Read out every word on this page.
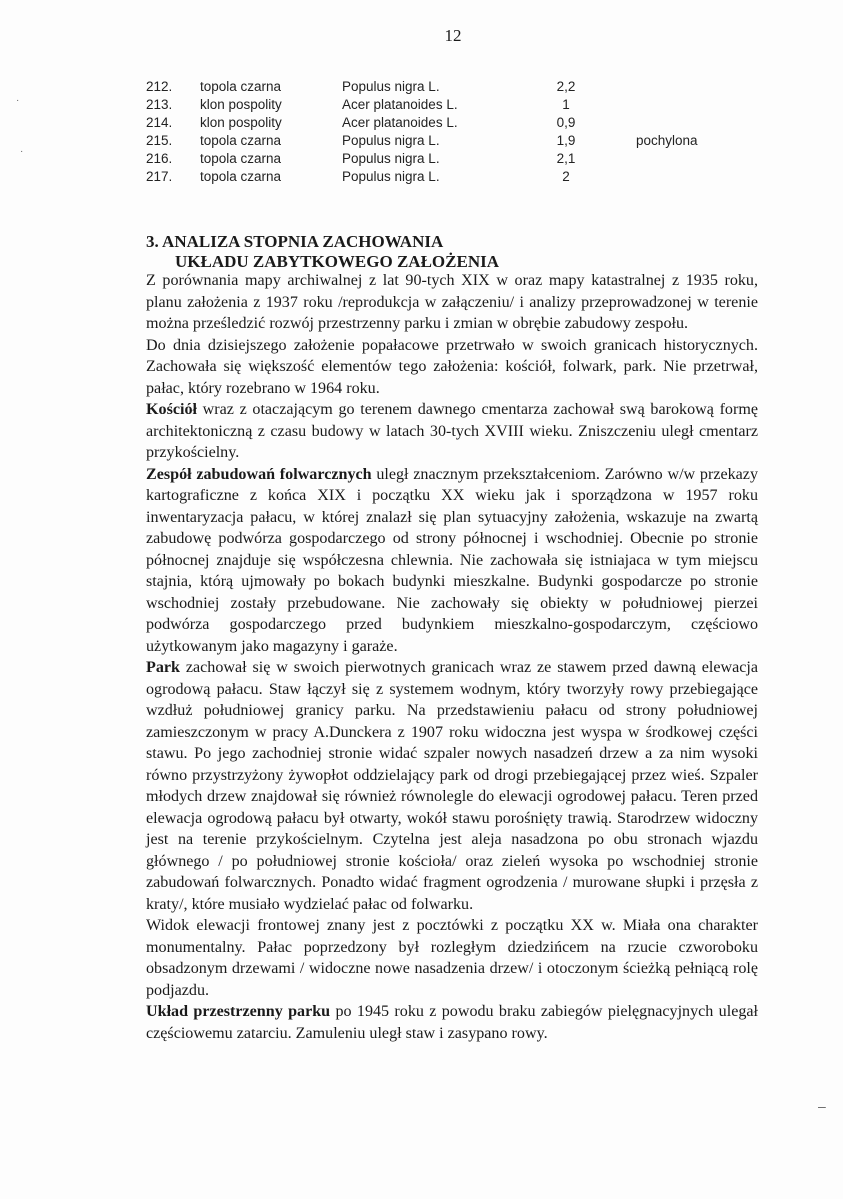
12
212. topola czarna	Populus nigra L.	2,2
213. klon pospolity	Acer platanoides L.	1
214. klon pospolity	Acer platanoides L.	0,9
215. topola czarna	Populus nigra L.	1,9	pochylona
216. topola czarna	Populus nigra L.	2,1
217. topola czarna	Populus nigra L.	2
3. ANALIZA STOPNIA ZACHOWANIA
UKŁADU ZABYTKOWEGO ZAŁOŻENIA

Z porównania mapy archiwalnej z lat 90-tych XIX w oraz mapy katastralnej z 1935 roku, planu założenia z 1937 roku /reprodukcja w załączeniu/ i analizy przeprowadzonej w terenie można prześledzić rozwój przestrzenny parku i zmian w obrębie zabudowy zespołu.

Do dnia dzisiejszego założenie popałacowe przetrwało w swoich granicach historycznych. Zachowała się większość elementów tego założenia: kościół, folwark, park. Nie przetrwał, pałac, który rozebrano w 1964 roku.

Kościół wraz z otaczającym go terenem dawnego cmentarza zachował swą barokową formę architektoniczną z czasu budowy w latach 30-tych XVIII wieku. Zniszczeniu uległ cmentarz przykościelny.

Zespół zabudowań folwarcznych uległ znacznym przekształceniom. Zarówno w/w przekazy kartograficzne z końca XIX i początku XX wieku jak i sporządzona w 1957 roku inwentaryzacja pałacu, w której znalazł się plan sytuacyjny założenia, wskazuje na zwartą zabudowę podwórza gospodarczego od strony północnej i wschodniej. Obecnie po stronie północnej znajduje się współczesna chlewnia. Nie zachowała się istniajaca w tym miejscu stajnia, którą ujmowały po bokach budynki mieszkalne. Budynki gospodarcze po stronie wschodniej zostały przebudowane. Nie zachowały się obiekty w południowej pierzei podwórza gospodarczego przed budynkiem mieszkalno-gospodarczym, częściowo użytkowanym jako magazyny i garaże.

Park zachował się w swoich pierwotnych granicach wraz ze stawem przed dawną elewacja ogrodową pałacu. Staw łączył się z systemem wodnym, który tworzyły rowy przebiegające wzdłuż południowej granicy parku. Na przedstawieniu pałacu od strony południowej zamieszczonym w pracy A.Dunckera z 1907 roku widoczna jest wyspa w środkowej części stawu. Po jego zachodniej stronie widać szpaler nowych nasadzeń drzew a za nim wysoki równo przystrzyżony żywopłot oddzielający park od drogi przebiegającej przez wieś. Szpaler młodych drzew znajdował się również równolegle do elewacji ogrodowej pałacu. Teren przed elewacja ogrodową pałacu był otwarty, wokół stawu porośnięty trawią. Starodrzew widoczny jest na terenie przykościelnym. Czytelna jest aleja nasadzona po obu stronach wjazdu głównego / po południowej stronie kościoła/ oraz zieleń wysoka po wschodniej stronie zabudowań folwarcznych. Ponadto widać fragment ogrodzenia / murowane słupki i przęsła z kraty/, które musiało wydzielać pałac od folwarku.

Widok elewacji frontowej znany jest z pocztówki z początku XX w. Miała ona charakter monumentalny. Pałac poprzedzony był rozległym dziedzińcem na rzucie czworoboku obsadzonym drzewami / widoczne nowe nasadzenia drzew/ i otoczonym ścieżką pełniącą rolę podjazdu.

Układ przestrzenny parku po 1945 roku z powodu braku zabiegów pielęgnacyjnych ulegał częściowemu zatarciu. Zamuleniu uległ staw i zasypano rowy.

·
·
–
